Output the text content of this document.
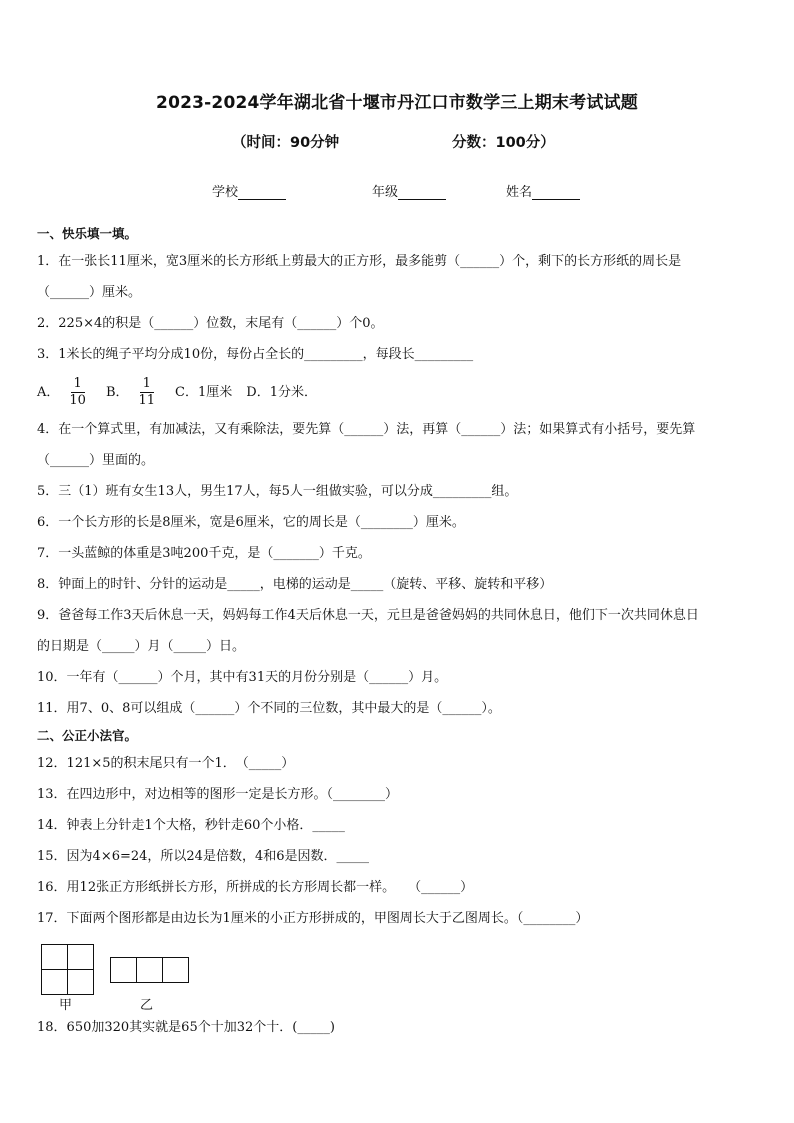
2023-2024学年湖北省十堰市丹江口市数学三上期末考试试题
（时间：90分钟	分数：100分）
学校	年级	姓名
一、快乐填一填。
1．在一张长11厘米，宽3厘米的长方形纸上剪最大的正方形，最多能剪（______）个，剩下的长方形纸的周长是
（______）厘米。
2．225×4的积是（______）位数，末尾有（______）个0。
3．1米长的绳子平均分成10份，每份占全长的_________，每段长_________
A． $\frac{1}{10}$ B． $\frac{1}{11}$ C．1厘米 D．1分米．
4．在一个算式里，有加减法，又有乘除法，要先算（______）法，再算（______）法；如果算式有小括号，要先算
（______）里面的。
5．三（1）班有女生13人，男生17人，每5人一组做实验，可以分成_________组。
6．一个长方形的长是8厘米，宽是6厘米，它的周长是（________）厘米。
7．一头蓝鲸的体重是3吨200千克，是（_______）千克。
8．钟面上的时针、分针的运动是_____，电梯的运动是_____（旋转、平移、旋转和平移）
9．爸爸每工作3天后休息一天，妈妈每工作4天后休息一天，元旦是爸爸妈妈的共同休息日，他们下一次共同休息日
的日期是（_____）月（_____）日。
10．一年有（______）个月，其中有31天的月份分别是（______）月。
11．用7、0、8可以组成（______）个不同的三位数，其中最大的是（______）。
二、公正小法官。
12．121×5的积末尾只有一个1．　（_____）
13．在四边形中，对边相等的图形一定是长方形。（________）
14．钟表上分针走1个大格，秒针走60个小格．_____
15．因为4×6=24，所以24是倍数，4和6是因数．_____
16．用12张正方形纸拼长方形，所拼成的长方形周长都一样。　　（______）
17．下面两个图形都是由边长为1厘米的小正方形拼成的，甲图周长大于乙图周长。（________）
甲	乙
18．650加320其实就是65个十加32个十．(_____)
